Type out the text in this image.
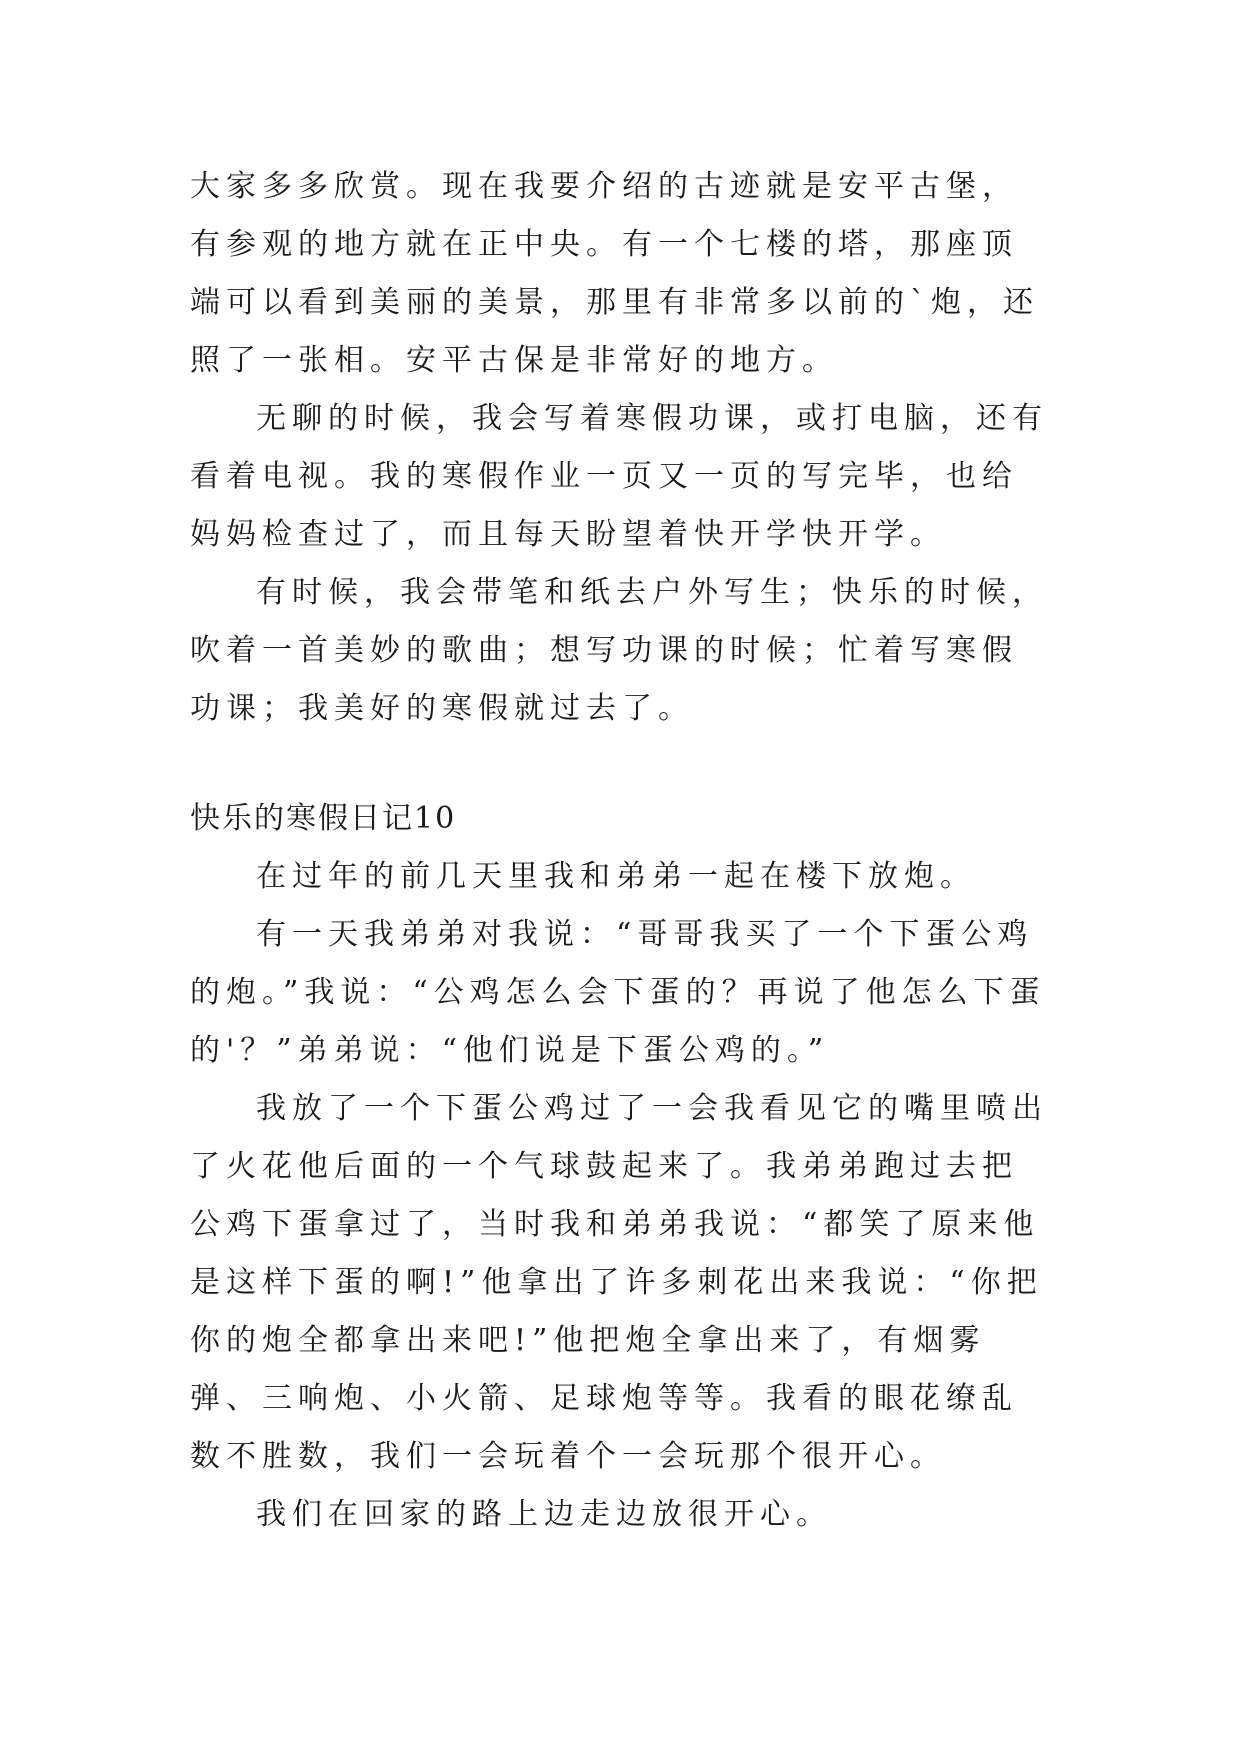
大家多多欣赏。现在我要介绍的古迹就是安平古堡，有参观的地方就在正中央。有一个七楼的塔，那座顶端可以看到美丽的美景，那里有非常多以前的`炮，还照了一张相。安平古保是非常好的地方。

无聊的时候，我会写着寒假功课，或打电脑，还有看着电视。我的寒假作业一页又一页的写完毕，也给妈妈检查过了，而且每天盼望着快开学快开学。

有时候，我会带笔和纸去户外写生；快乐的时候，吹着一首美妙的歌曲；想写功课的时候；忙着写寒假功课；我美好的寒假就过去了。

快乐的寒假日记10

在过年的前几天里我和弟弟一起在楼下放炮。

有一天我弟弟对我说：“哥哥我买了一个下蛋公鸡的炮。”我说：“公鸡怎么会下蛋的？再说了他怎么下蛋的'？”弟弟说：“他们说是下蛋公鸡的。”

我放了一个下蛋公鸡过了一会我看见它的嘴里喷出了火花他后面的一个气球鼓起来了。我弟弟跑过去把公鸡下蛋拿过了，当时我和弟弟我说：“都笑了原来他是这样下蛋的啊!”他拿出了许多刺花出来我说：“你把你的炮全都拿出来吧!”他把炮全拿出来了，有烟雾弹、三响炮、小火箭、足球炮等等。我看的眼花缭乱数不胜数，我们一会玩着个一会玩那个很开心。

我们在回家的路上边走边放很开心。
